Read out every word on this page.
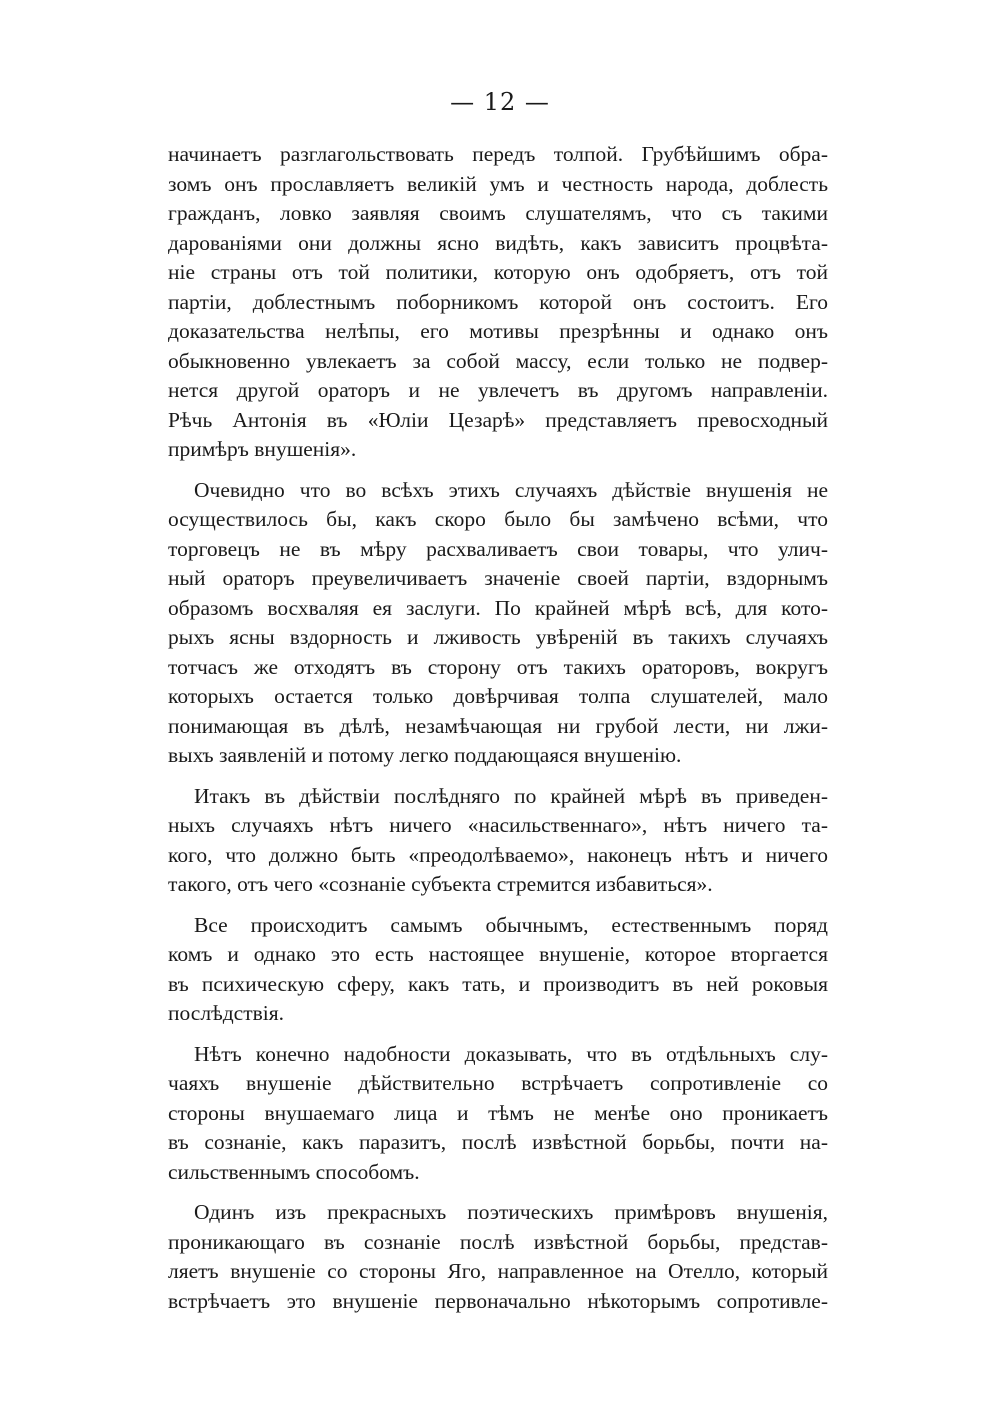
— 12 —
начинаетъ разглагольствовать передъ толпой. Грубѣйшимъ обра-
зомъ онъ прославляетъ великій умъ и честность народа, доблесть
гражданъ, ловко заявляя своимъ слушателямъ, что съ такими
дарованіями они должны ясно видѣть, какъ зависитъ процвѣта-
ніе страны отъ той политики, которую онъ одобряетъ, отъ той
партіи, доблестнымъ поборникомъ которой онъ состоитъ. Его
доказательства нелѣпы, его мотивы презрѣнны и однако онъ
обыкновенно увлекаетъ за собой массу, если только не подвер-
нется другой ораторъ и не увлечетъ въ другомъ направленіи.
Рѣчь Антонія въ «Юліи Цезарѣ» представляетъ превосходный
примѣръ внушенія».
Очевидно что во всѣхъ этихъ случаяхъ дѣйствіе внушенія не
осуществилось бы, какъ скоро было бы замѣчено всѣми, что
торговецъ не въ мѣру расхваливаетъ свои товары, что улич-
ный ораторъ преувеличиваетъ значеніе своей партіи, вздорнымъ
образомъ восхваляя ея заслуги. По крайней мѣрѣ всѣ, для кото-
рыхъ ясны вздорность и лживость увѣреній въ такихъ случаяхъ
тотчасъ же отходятъ въ сторону отъ такихъ ораторовъ, вокругъ
которыхъ остается только довѣрчивая толпа слушателей, мало
понимающая въ дѣлѣ, незамѣчающая ни грубой лести, ни лжи-
выхъ заявленій и потому легко поддающаяся внушенію.
Итакъ въ дѣйствіи послѣдняго по крайней мѣрѣ въ приведен-
ныхъ случаяхъ нѣтъ ничего «насильственнаго», нѣтъ ничего та-
кого, что должно быть «преодолѣваемо», наконецъ нѣтъ и ничего
такого, отъ чего «сознаніе субъекта стремится избавиться».
Все происходитъ самымъ обычнымъ, естественнымъ поряд
комъ и однако это есть настоящее внушеніе, которое вторгается
въ психическую сферу, какъ тать, и производитъ въ ней роковыя
послѣдствія.
Нѣтъ конечно надобности доказывать, что въ отдѣльныхъ слу-
чаяхъ внушеніе дѣйствительно встрѣчаетъ сопротивленіе со
стороны внушаемаго лица и тѣмъ не менѣе оно проникаетъ
въ сознаніе, какъ паразитъ, послѣ извѣстной борьбы, почти на-
сильственнымъ способомъ.
Одинъ изъ прекрасныхъ поэтическихъ примѣровъ внушенія,
проникающаго въ сознаніе послѣ извѣстной борьбы, представ-
ляетъ внушеніе со стороны Яго, направленное на Отелло, который
встрѣчаетъ это внушеніе первоначально нѣкоторымъ сопротивле-
